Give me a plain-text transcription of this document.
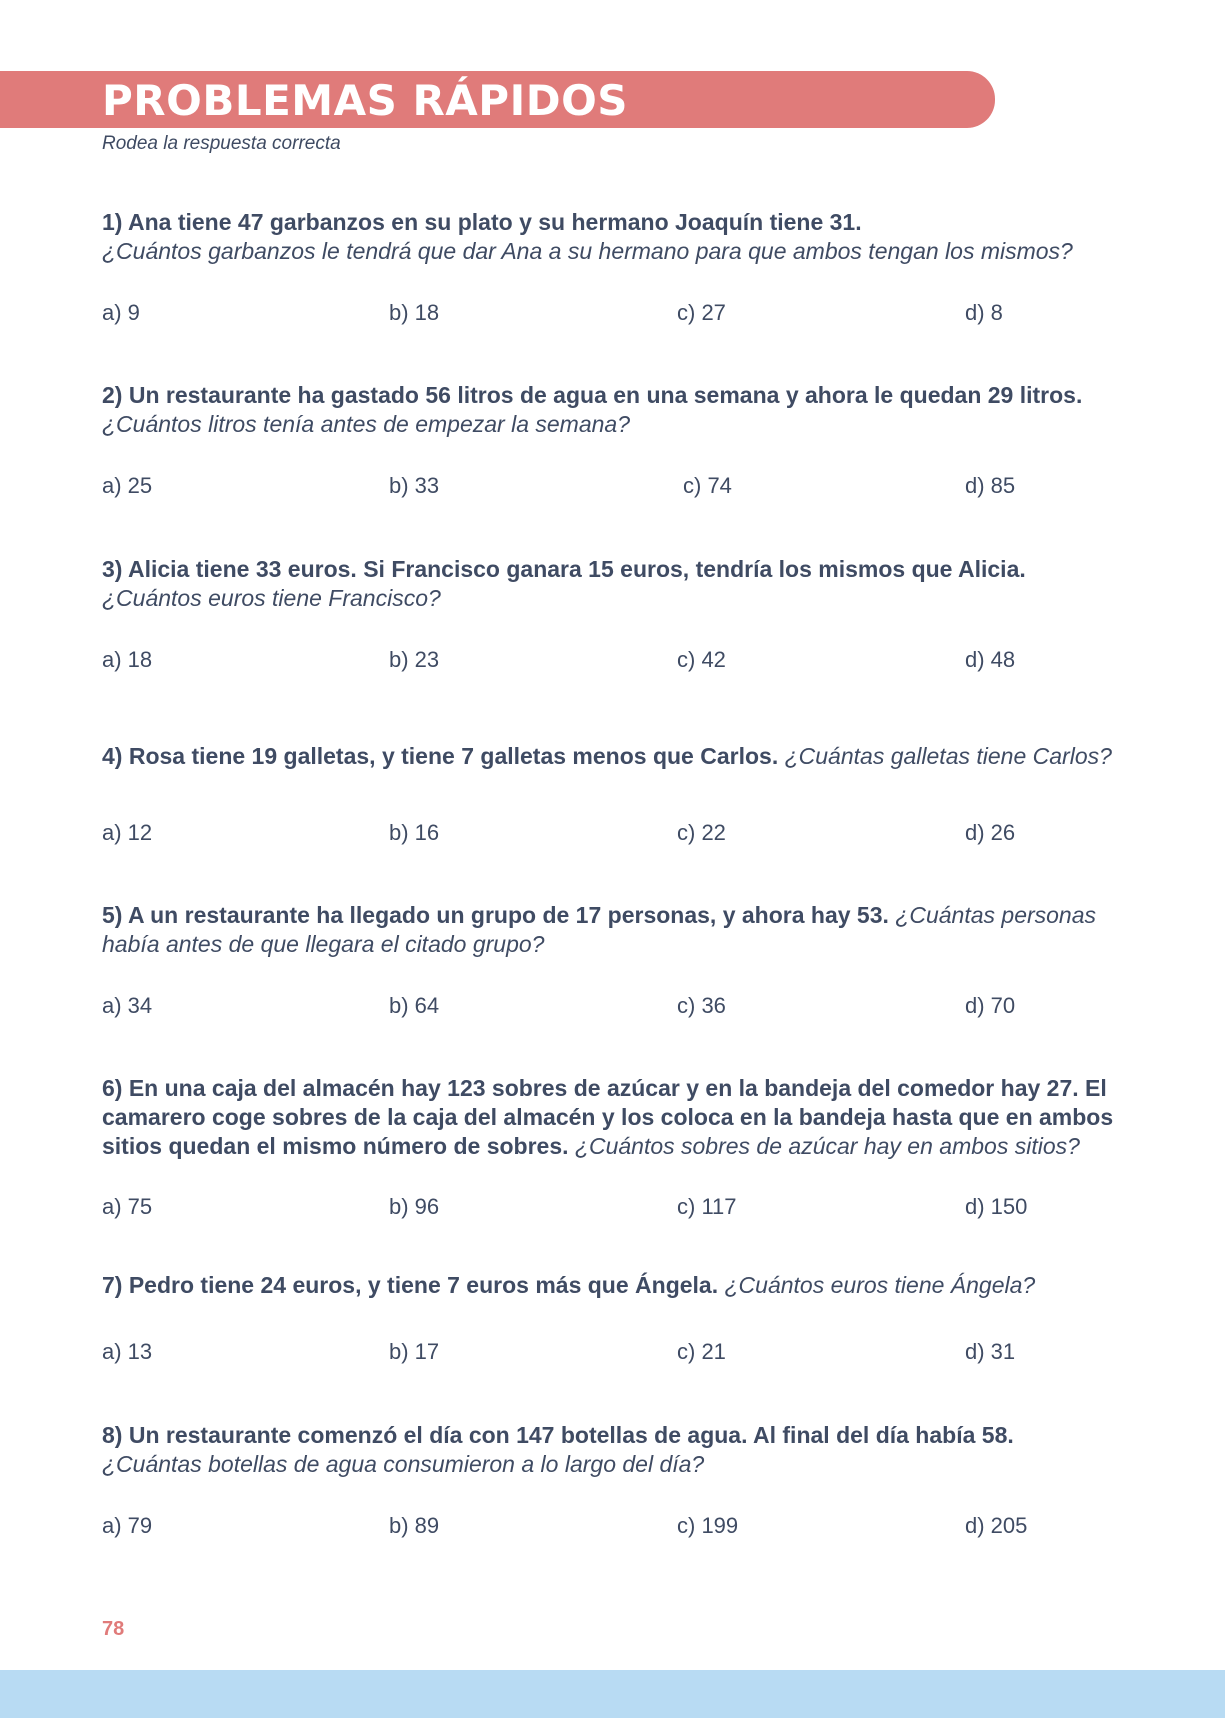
PROBLEMAS RÁPIDOS
Rodea la respuesta correcta
1) Ana tiene 47 garbanzos en su plato y su hermano Joaquín tiene 31.
¿Cuántos garbanzos le tendrá que dar Ana a su hermano para que ambos tengan los mismos?
a) 9	b) 18	c) 27	d) 8
2) Un restaurante ha gastado 56 litros de agua en una semana y ahora le quedan 29 litros.
¿Cuántos litros tenía antes de empezar la semana?
a) 25	b) 33	c) 74	d) 85
3) Alicia tiene 33 euros. Si Francisco ganara 15 euros, tendría los mismos que Alicia.
¿Cuántos euros tiene Francisco?
a) 18	b) 23	c) 42	d) 48
4) Rosa tiene 19 galletas, y tiene 7 galletas menos que Carlos. ¿Cuántas galletas tiene Carlos?
a) 12	b) 16	c) 22	d) 26
5) A un restaurante ha llegado un grupo de 17 personas, y ahora hay 53. ¿Cuántas personas había antes de que llegara el citado grupo?
a) 34	b) 64	c) 36	d) 70
6) En una caja del almacén hay 123 sobres de azúcar y en la bandeja del comedor hay 27. El camarero coge sobres de la caja del almacén y los coloca en la bandeja hasta que en ambos sitios quedan el mismo número de sobres. ¿Cuántos sobres de azúcar hay en ambos sitios?
a) 75	b) 96	c) 117	d) 150
7) Pedro tiene 24 euros, y tiene 7 euros más que Ángela. ¿Cuántos euros tiene Ángela?
a) 13	b) 17	c) 21	d) 31
8) Un restaurante comenzó el día con 147 botellas de agua. Al final del día había 58.
¿Cuántas botellas de agua consumieron a lo largo del día?
a) 79	b) 89	c) 199	d) 205
78
